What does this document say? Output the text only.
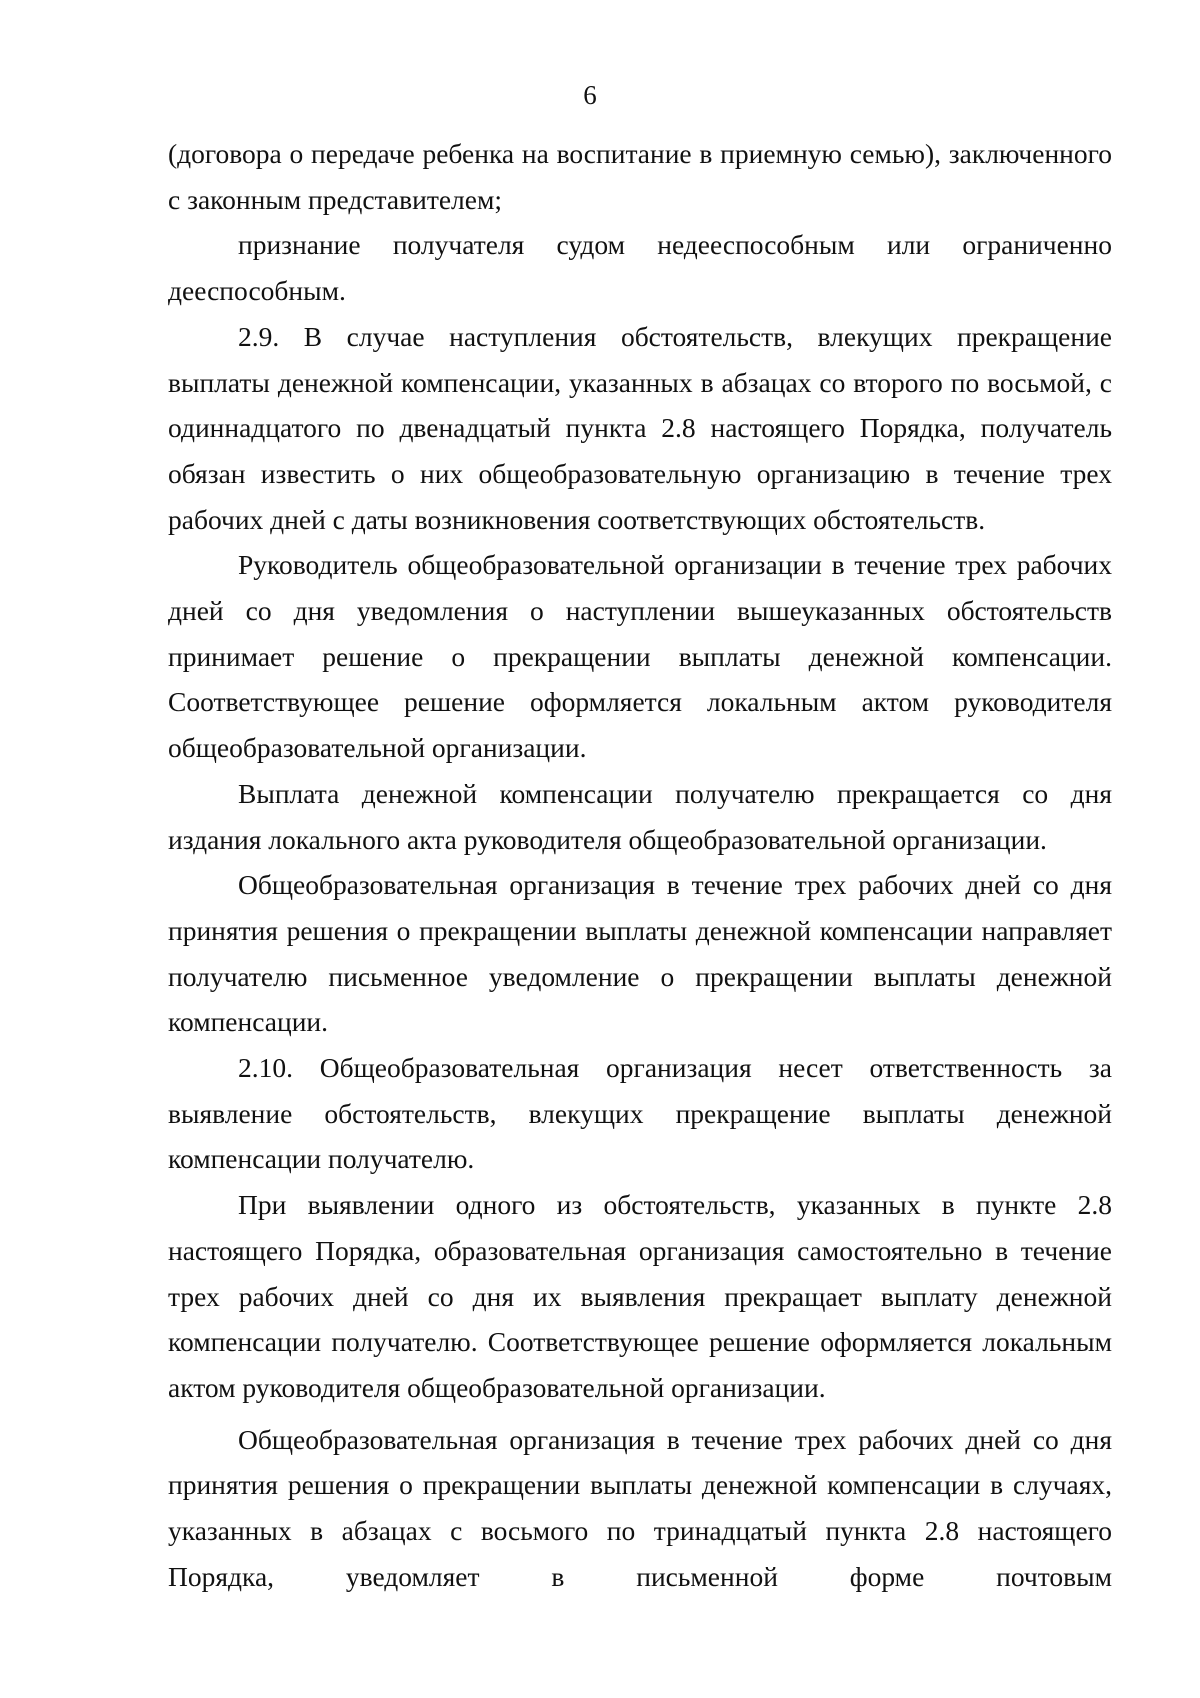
6

(договора о передаче ребенка на воспитание в приемную семью), заключенного с законным представителем;

признание получателя судом недееспособным или ограниченно дееспособным.

2.9. В случае наступления обстоятельств, влекущих прекращение выплаты денежной компенсации, указанных в абзацах со второго по восьмой, с одиннадцатого по двенадцатый пункта 2.8 настоящего Порядка, получатель обязан известить о них общеобразовательную организацию в течение трех рабочих дней с даты возникновения соответствующих обстоятельств.

Руководитель общеобразовательной организации в течение трех рабочих дней со дня уведомления о наступлении вышеуказанных обстоятельств принимает решение о прекращении выплаты денежной компенсации. Соответствующее решение оформляется локальным актом руководителя общеобразовательной организации.

Выплата денежной компенсации получателю прекращается со дня издания локального акта руководителя общеобразовательной организации.

Общеобразовательная организация в течение трех рабочих дней со дня принятия решения о прекращении выплаты денежной компенсации направляет получателю письменное уведомление о прекращении выплаты денежной компенсации.

2.10. Общеобразовательная организация несет ответственность за выявление обстоятельств, влекущих прекращение выплаты денежной компенсации получателю.

При выявлении одного из обстоятельств, указанных в пункте 2.8 настоящего Порядка, образовательная организация самостоятельно в течение трех рабочих дней со дня их выявления прекращает выплату денежной компенсации получателю. Соответствующее решение оформляется локальным актом руководителя общеобразовательной организации.

Общеобразовательная организация в течение трех рабочих дней со дня принятия решения о прекращении выплаты денежной компенсации в случаях, указанных в абзацах с восьмого по тринадцатый пункта 2.8 настоящего Порядка, уведомляет в письменной форме почтовым
